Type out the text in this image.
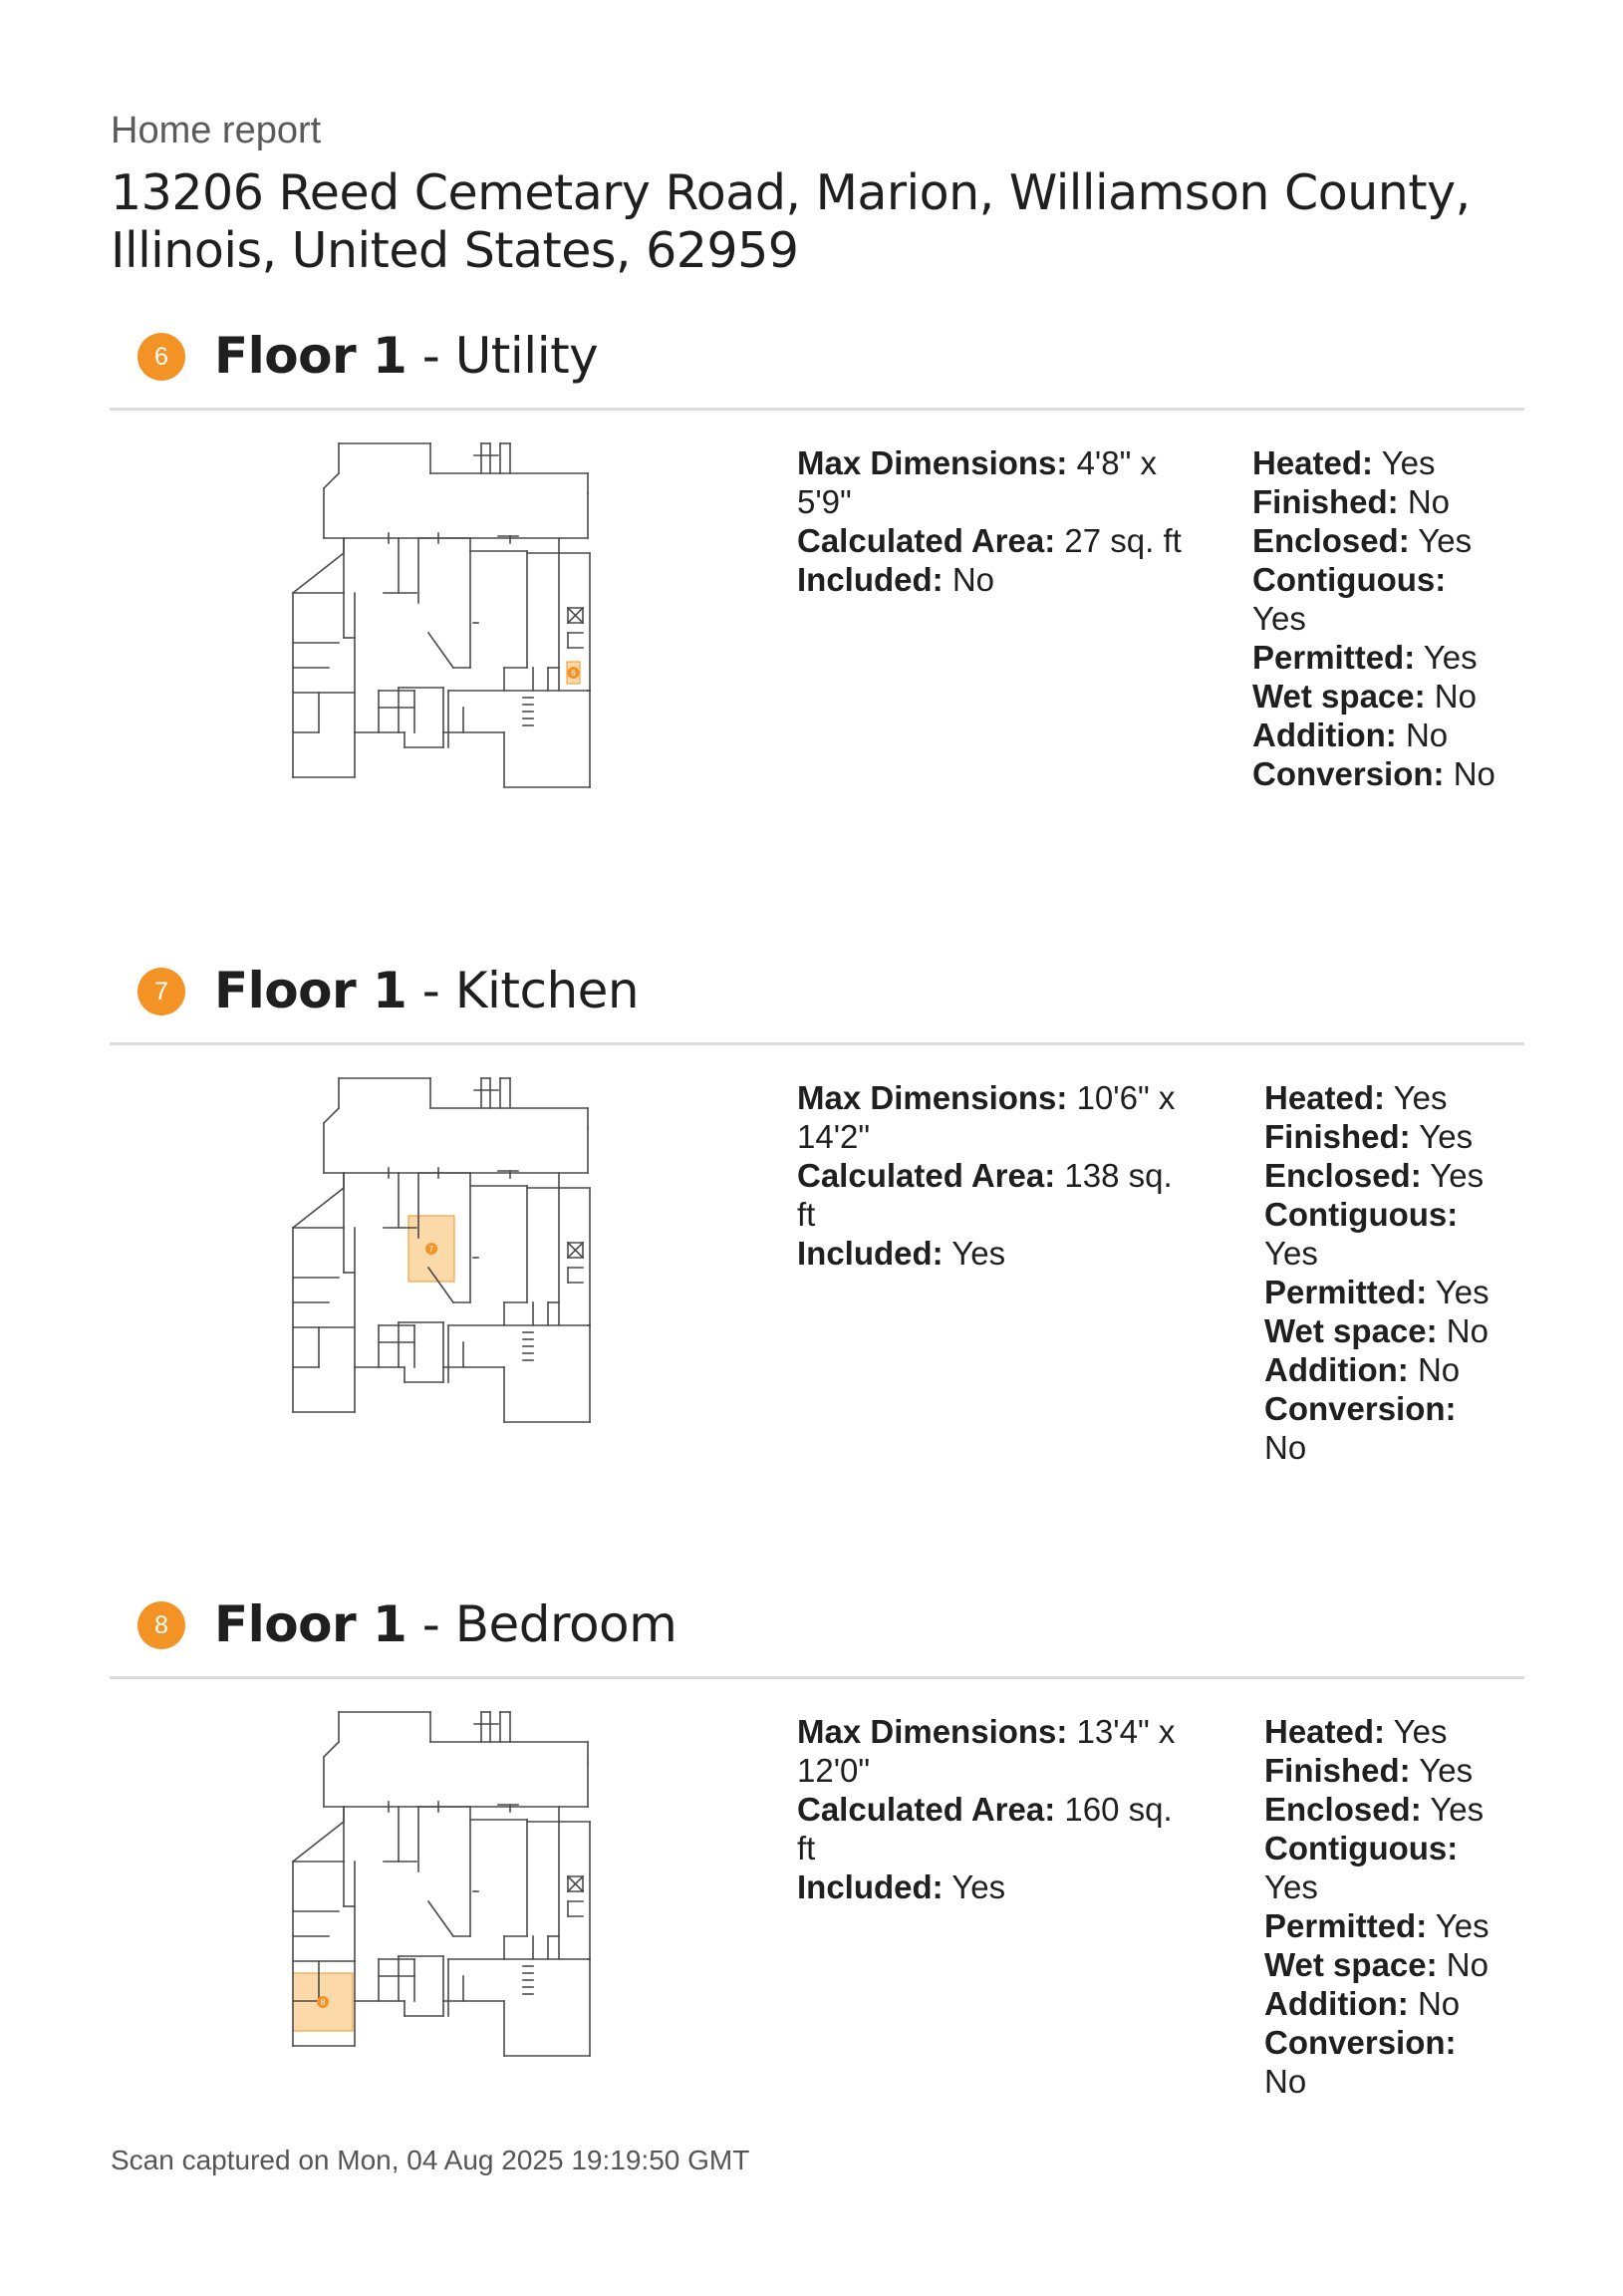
Home report
13206 Reed Cemetary Road, Marion, Williamson County, Illinois, United States, 62959
6 Floor 1 - Utility
6
Max Dimensions: 4'8" x 5'9"
Calculated Area: 27 sq. ft
Included: No
Heated: Yes
Finished: No
Enclosed: Yes
Contiguous: Yes
Permitted: Yes
Wet space: No
Addition: No
Conversion: No
7 Floor 1 - Kitchen
7
Max Dimensions: 10'6" x 14'2"
Calculated Area: 138 sq. ft
Included: Yes
Heated: Yes
Finished: Yes
Enclosed: Yes
Contiguous: Yes
Permitted: Yes
Wet space: No
Addition: No
Conversion: No
8 Floor 1 - Bedroom
8
Max Dimensions: 13'4" x 12'0"
Calculated Area: 160 sq. ft
Included: Yes
Heated: Yes
Finished: Yes
Enclosed: Yes
Contiguous: Yes
Permitted: Yes
Wet space: No
Addition: No
Conversion: No
Scan captured on Mon, 04 Aug 2025 19:19:50 GMT
